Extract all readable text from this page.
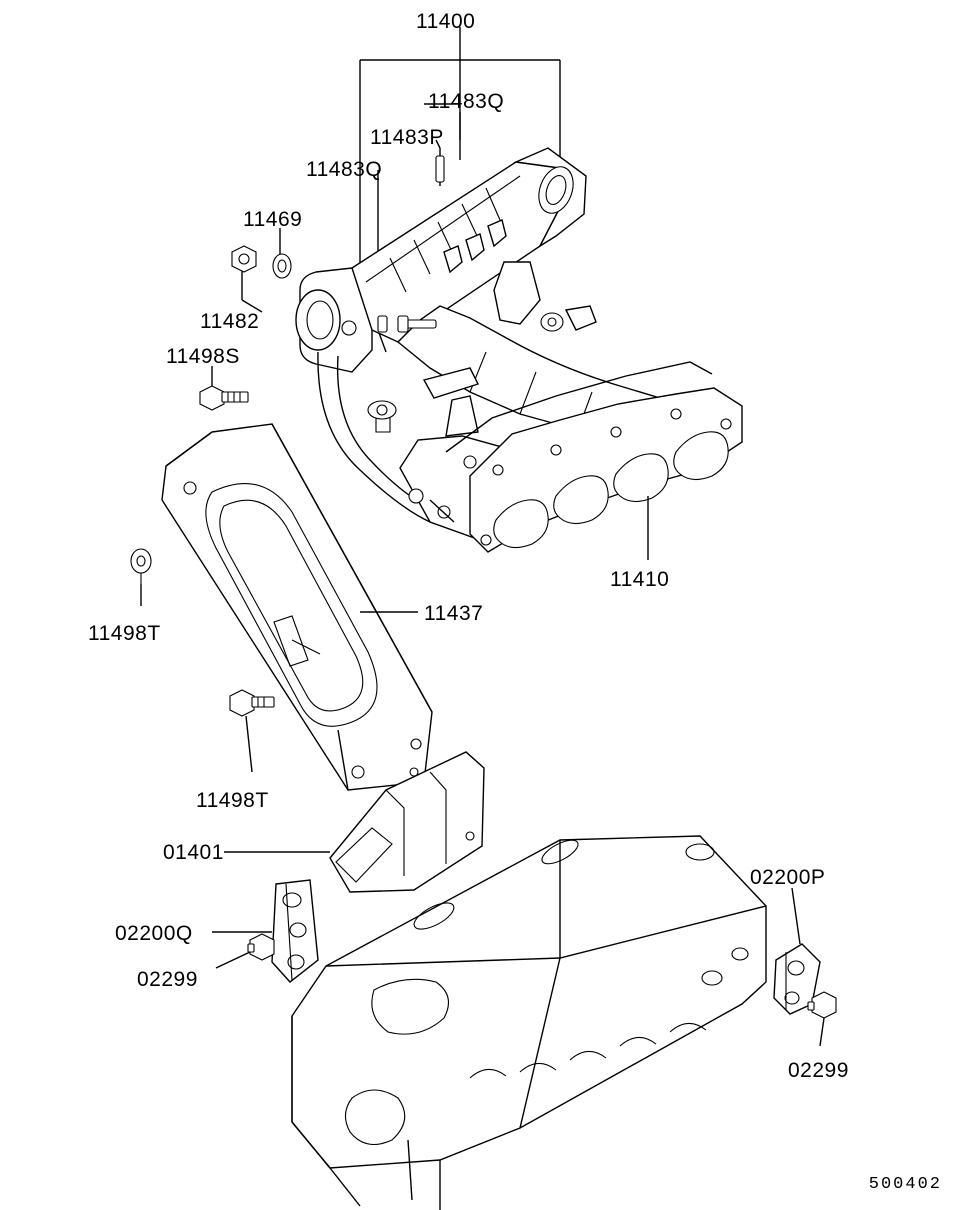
11400
11483Q
11483P
11483Q
11469
11482
11498S
11410
11437
11498T
11498T
01401
02200Q
02299
02200P
02299
500402
